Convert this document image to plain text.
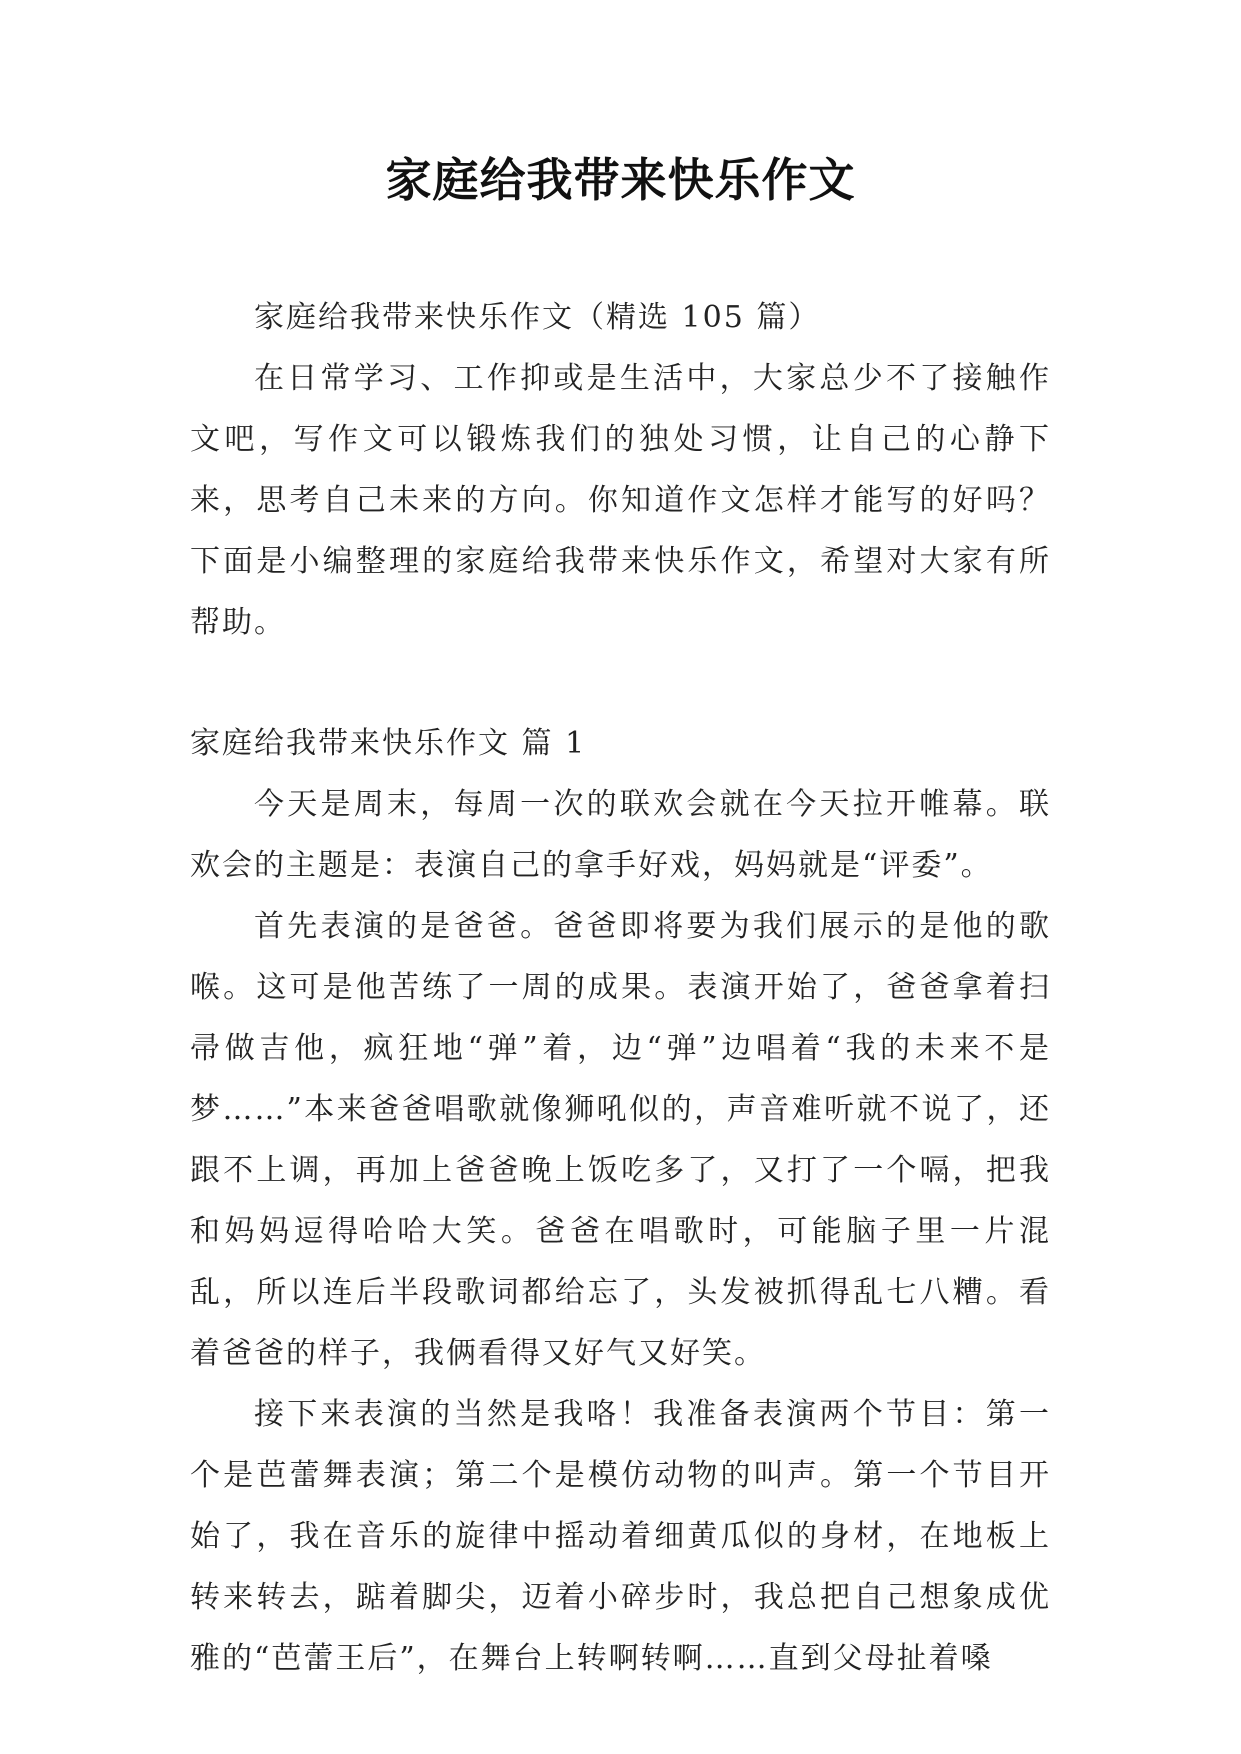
家庭给我带来快乐作文

家庭给我带来快乐作文（精选 105 篇）

在日常学习、工作抑或是生活中，大家总少不了接触作文吧，写作文可以锻炼我们的独处习惯，让自己的心静下来，思考自己未来的方向。你知道作文怎样才能写的好吗？下面是小编整理的家庭给我带来快乐作文，希望对大家有所帮助。

家庭给我带来快乐作文 篇 1

今天是周末，每周一次的联欢会就在今天拉开帷幕。联欢会的主题是：表演自己的拿手好戏，妈妈就是“评委”。

首先表演的是爸爸。爸爸即将要为我们展示的是他的歌喉。这可是他苦练了一周的成果。表演开始了，爸爸拿着扫帚做吉他，疯狂地“弹”着，边“弹”边唱着“我的未来不是梦……”本来爸爸唱歌就像狮吼似的，声音难听就不说了，还跟不上调，再加上爸爸晚上饭吃多了，又打了一个嗝，把我和妈妈逗得哈哈大笑。爸爸在唱歌时，可能脑子里一片混乱，所以连后半段歌词都给忘了，头发被抓得乱七八糟。看着爸爸的样子，我俩看得又好气又好笑。

接下来表演的当然是我咯！我准备表演两个节目：第一个是芭蕾舞表演；第二个是模仿动物的叫声。第一个节目开始了，我在音乐的旋律中摇动着细黄瓜似的身材，在地板上转来转去，踮着脚尖，迈着小碎步时，我总把自己想象成优雅的“芭蕾王后”，在舞台上转啊转啊……直到父母扯着嗓
